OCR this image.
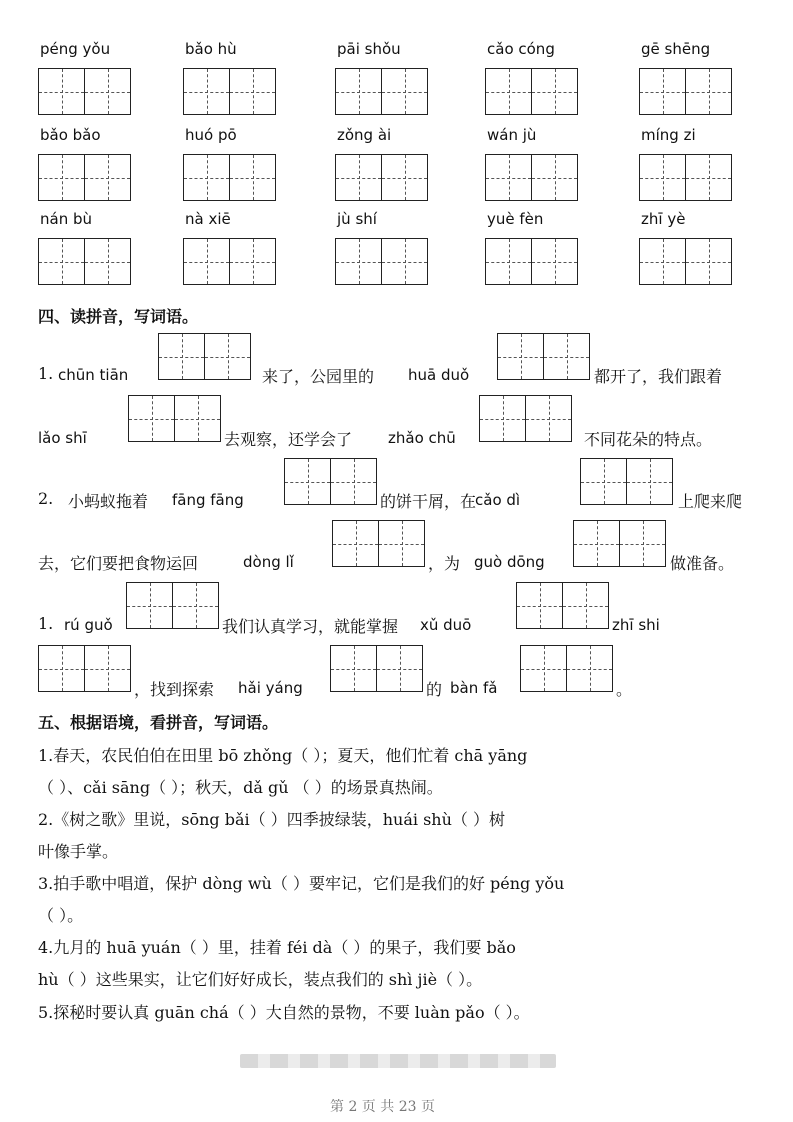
péng yǒu	bǎo hù	pāi shǒu	cǎo cóng	gē shēng
bǎo bǎo	huó pō	zǒng ài	wán jù	míng zi
nán bù	nà xiē	jù shí	yuè fèn	zhī yè
四、读拼音，写词语。
1. chūn tiān	来了，公园里的 huā duǒ	都开了，我们跟着
lǎo shī	去观察，还学会了 zhǎo chū	不同花朵的特点。
2. 小蚂蚁拖着 fāng fāng	的饼干屑，在
cǎo dì	上爬来爬
去，它们要把食物运回	dòng lǐ	，为 guò dōng	做准备。
1. rú guǒ	我们认真学习，就能掌握 xǔ duō	zhī shi
，找到探索 hǎi yáng	的 bàn fǎ	。
五、根据语境，看拼音，写词语。
1.春天，农民伯伯在田里 bō zhǒng（ ）；夏天，他们忙着 chā yāng
（ ）、cǎi sāng（ ）；秋天，dǎ gǔ （ ）的场景真热闹。
2.《树之歌》里说，sōng bǎi（ ）四季披绿装，huái shù（ ）树
叶像手掌。
3.拍手歌中唱道，保护 dòng wù（ ）要牢记，它们是我们的好 péng yǒu
（ ）。
4.九月的 huā yuán（ ）里，挂着 féi dà（ ）的果子，我们要 bǎo
hù（ ）这些果实，让它们好好成长，装点我们的 shì jiè（ ）。
5.探秘时要认真 guān chá（ ）大自然的景物，不要 luàn pǎo（ ）。
第 2 页 共 23 页
